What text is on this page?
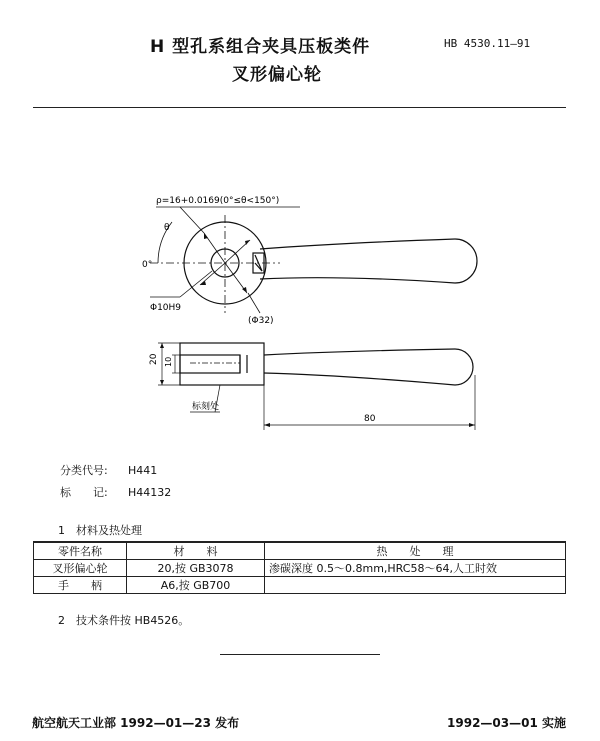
H 型孔系组合夹具压板类件
叉形偏心轮
HB 4530.11—91
ρ=16+0.0169(0°≤θ<150°)
θ
0°
Φ10H9
(Φ32)
20 10
80
标刻处
分类代号: H441
标　　记: H44132
1　材料及热处理
零件名称	材　　料	热　　处　　理
叉形偏心轮	20,按 GB3078	渗碳深度 0.5～0.8mm,HRC58～64,人工时效
手　　柄	A6,按 GB700	
2　技术条件按 HB4526。
航空航天工业部 1992—01—23 发布	1992—03—01 实施
